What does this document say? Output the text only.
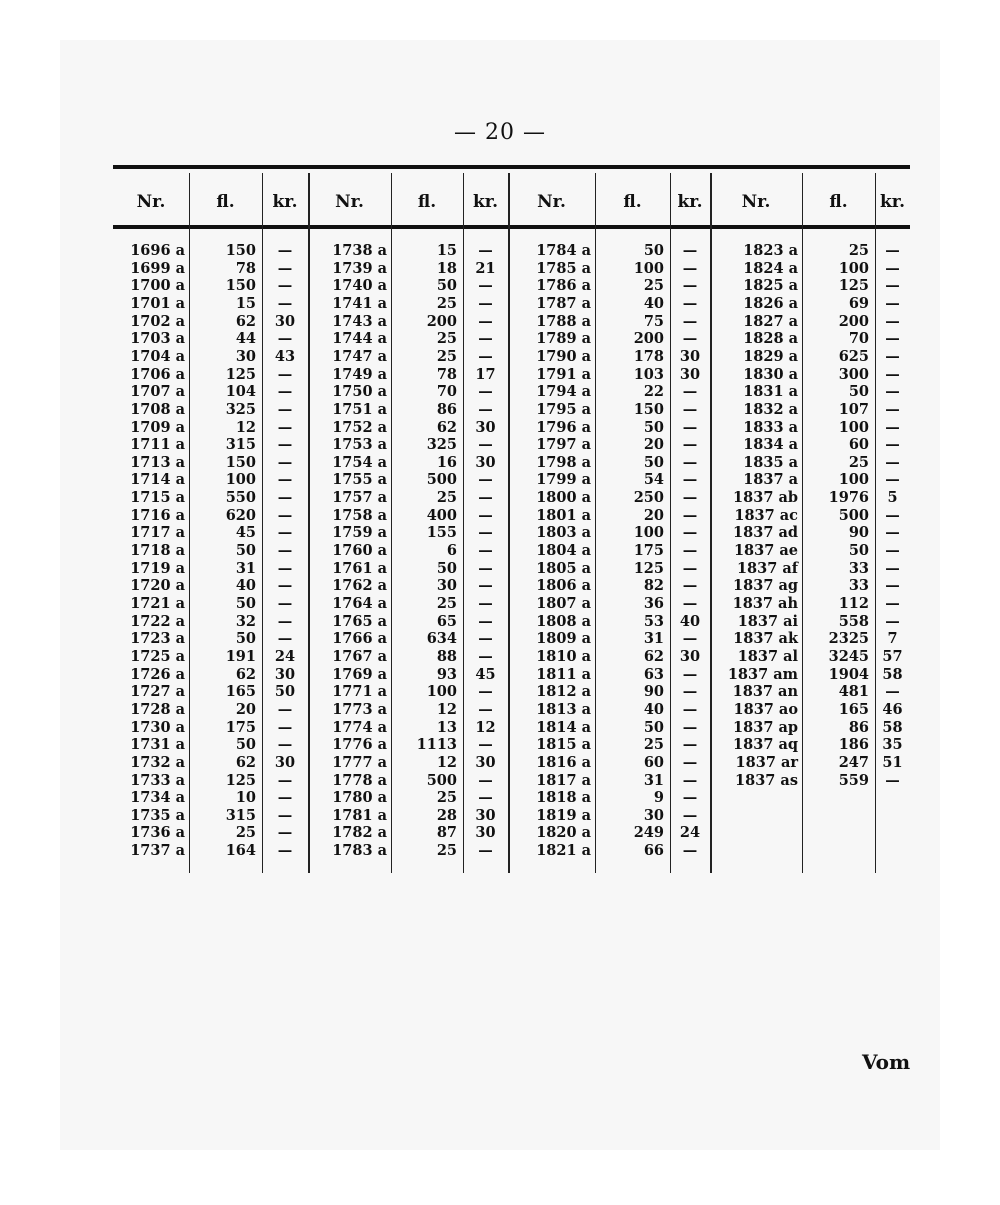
— 20 —
Nr.	fl.	kr.
1696 a	150	—
1699 a	78	—
1700 a	150	—
1701 a	15	—
1702 a	62	30
1703 a	44	—
1704 a	30	43
1706 a	125	—
1707 a	104	—
1708 a	325	—
1709 a	12	—
1711 a	315	—
1713 a	150	—
1714 a	100	—
1715 a	550	—
1716 a	620	—
1717 a	45	—
1718 a	50	—
1719 a	31	—
1720 a	40	—
1721 a	50	—
1722 a	32	—
1723 a	50	—
1725 a	191	24
1726 a	62	30
1727 a	165	50
1728 a	20	—
1730 a	175	—
1731 a	50	—
1732 a	62	30
1733 a	125	—
1734 a	10	—
1735 a	315	—
1736 a	25	—
1737 a	164	—
Nr.	fl.	kr.
1738 a	15	—
1739 a	18	21
1740 a	50	—
1741 a	25	—
1743 a	200	—
1744 a	25	—
1747 a	25	—
1749 a	78	17
1750 a	70	—
1751 a	86	—
1752 a	62	30
1753 a	325	—
1754 a	16	30
1755 a	500	—
1757 a	25	—
1758 a	400	—
1759 a	155	—
1760 a	6	—
1761 a	50	—
1762 a	30	—
1764 a	25	—
1765 a	65	—
1766 a	634	—
1767 a	88	—
1769 a	93	45
1771 a	100	—
1773 a	12	—
1774 a	13	12
1776 a	1113	—
1777 a	12	30
1778 a	500	—
1780 a	25	—
1781 a	28	30
1782 a	87	30
1783 a	25	—
Nr.	fl.	kr.
1784 a	50	—
1785 a	100	—
1786 a	25	—
1787 a	40	—
1788 a	75	—
1789 a	200	—
1790 a	178	30
1791 a	103	30
1794 a	22	—
1795 a	150	—
1796 a	50	—
1797 a	20	—
1798 a	50	—
1799 a	54	—
1800 a	250	—
1801 a	20	—
1803 a	100	—
1804 a	175	—
1805 a	125	—
1806 a	82	—
1807 a	36	—
1808 a	53	40
1809 a	31	—
1810 a	62	30
1811 a	63	—
1812 a	90	—
1813 a	40	—
1814 a	50	—
1815 a	25	—
1816 a	60	—
1817 a	31	—
1818 a	9	—
1819 a	30	—
1820 a	249	24
1821 a	66	—
Nr.	fl.	kr.
1823 a	25	—
1824 a	100	—
1825 a	125	—
1826 a	69	—
1827 a	200	—
1828 a	70	—
1829 a	625	—
1830 a	300	—
1831 a	50	—
1832 a	107	—
1833 a	100	—
1834 a	60	—
1835 a	25	—
1837 a	100	—
1837 ab	1976	5
1837 ac	500	—
1837 ad	90	—
1837 ae	50	—
1837 af	33	—
1837 ag	33	—
1837 ah	112	—
1837 ai	558	—
1837 ak	2325	7
1837 al	3245 57
1837 am	1904 58
1837 an	481	—
1837 ao	165 46
1837 ap	86 58
1837 aq	186 35
1837 ar	247 51
1837 as	559	—
Vom
